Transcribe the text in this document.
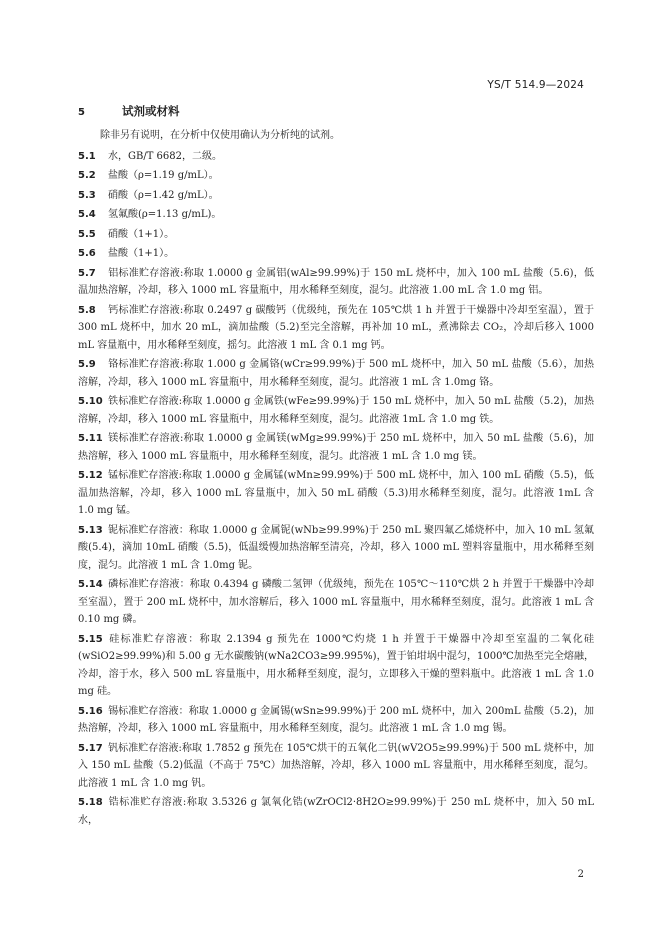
YS/T 514.9—2024
5	试剂或材料

除非另有说明，在分析中仅使用确认为分析纯的试剂。

5.1 水，GB/T 6682，二级。

5.2 盐酸（ρ=1.19 g/mL）。

5.3 硝酸（ρ=1.42 g/mL）。

5.4 氢氟酸(ρ=1.13 g/mL)。

5.5 硝酸（1+1）。

5.6 盐酸（1+1）。

5.7 铝标准贮存溶液:称取 1.0000 g 金属铝(wAl≥99.99%)于 150 mL 烧杯中，加入 100 mL 盐酸（5.6)，低温加热溶解，冷却，移入 1000 mL 容量瓶中，用水稀释至刻度，混匀。此溶液 1.00 mL 含 1.0 mg 铝。

5.8 钙标准贮存溶液:称取 0.2497 g 碳酸钙（优级纯，预先在 105℃烘 1 h 并置于干燥器中冷却至室温），置于 300 mL 烧杯中，加水 20 mL，滴加盐酸（5.2)至完全溶解，再补加 10 mL，煮沸除去 CO₂，冷却后移入 1000 mL 容量瓶中，用水稀释至刻度，摇匀。此溶液 1 mL 含 0.1 mg 钙。

5.9 铬标准贮存溶液:称取 1.000 g 金属铬(wCr≥99.99%)于 500 mL 烧杯中，加入 50 mL 盐酸（5.6），加热溶解，冷却，移入 1000 mL 容量瓶中，用水稀释至刻度，混匀。此溶液 1 mL 含 1.0mg 铬。

5.10 铁标准贮存溶液:称取 1.0000 g 金属铁(wFe≥99.99%)于 150 mL 烧杯中，加入 50 mL 盐酸（5.2)，加热溶解，冷却，移入 1000 mL 容量瓶中，用水稀释至刻度，混匀。此溶液 1mL 含 1.0 mg 铁。

5.11 镁标准贮存溶液:称取 1.0000 g 金属镁(wMg≥99.99%)于 250 mL 烧杯中，加入 50 mL 盐酸（5.6)，加热溶解，移入 1000 mL 容量瓶中，用水稀释至刻度，混匀。此溶液 1 mL 含 1.0 mg 镁。

5.12 锰标准贮存溶液:称取 1.0000 g 金属锰(wMn≥99.99%)于 500 mL 烧杯中，加入 100 mL 硝酸（5.5)，低温加热溶解，冷却，移入 1000 mL 容量瓶中，加入 50 mL 硝酸（5.3)用水稀释至刻度，混匀。此溶液 1mL 含 1.0 mg 锰。

5.13 铌标准贮存溶液：称取 1.0000 g 金属铌(wNb≥99.99%)于 250 mL 聚四氟乙烯烧杯中，加入 10 mL 氢氟酸(5.4)，滴加 10mL 硝酸（5.5)，低温缓慢加热溶解至清亮，冷却，移入 1000 mL 塑料容量瓶中，用水稀释至刻度，混匀。此溶液 1 mL 含 1.0mg 铌。

5.14 磷标准贮存溶液：称取 0.4394 g 磷酸二氢钾（优级纯，预先在 105℃～110℃烘 2 h 并置于干燥器中冷却至室温），置于 200 mL 烧杯中，加水溶解后，移入 1000 mL 容量瓶中，用水稀释至刻度，混匀。此溶液 1 mL 含 0.10 mg 磷。

5.15 硅标准贮存溶液：称取 2.1394 g 预先在 1000℃灼烧 1 h 并置于干燥器中冷却至室温的二氧化硅(wSiO2≥99.99%)和 5.00 g 无水碳酸钠(wNa2CO3≥99.995%)，置于铂坩埚中混匀，1000℃加热至完全熔融，冷却，溶于水，移入 500 mL 容量瓶中，用水稀释至刻度，混匀，立即移入干燥的塑料瓶中。此溶液 1 mL 含 1.0 mg 硅。

5.16 锡标准贮存溶液：称取 1.0000 g 金属锡(wSn≥99.99%)于 200 mL 烧杯中，加入 200mL 盐酸（5.2)，加热溶解，冷却，移入 1000 mL 容量瓶中，用水稀释至刻度，混匀。此溶液 1 mL 含 1.0 mg 锡。

5.17 钒标准贮存溶液:称取 1.7852 g 预先在 105℃烘干的五氧化二钒(wV2O5≥99.99%)于 500 mL 烧杯中，加入 150 mL 盐酸（5.2)低温（不高于 75℃）加热溶解，冷却，移入 1000 mL 容量瓶中，用水稀释至刻度，混匀。此溶液 1 mL 含 1.0 mg 钒。

5.18 锆标准贮存溶液:称取 3.5326 g 氯氧化锆(wZrOCl2·8H2O≥99.99%)于 250 mL 烧杯中，加入 50 mL 水，

2
